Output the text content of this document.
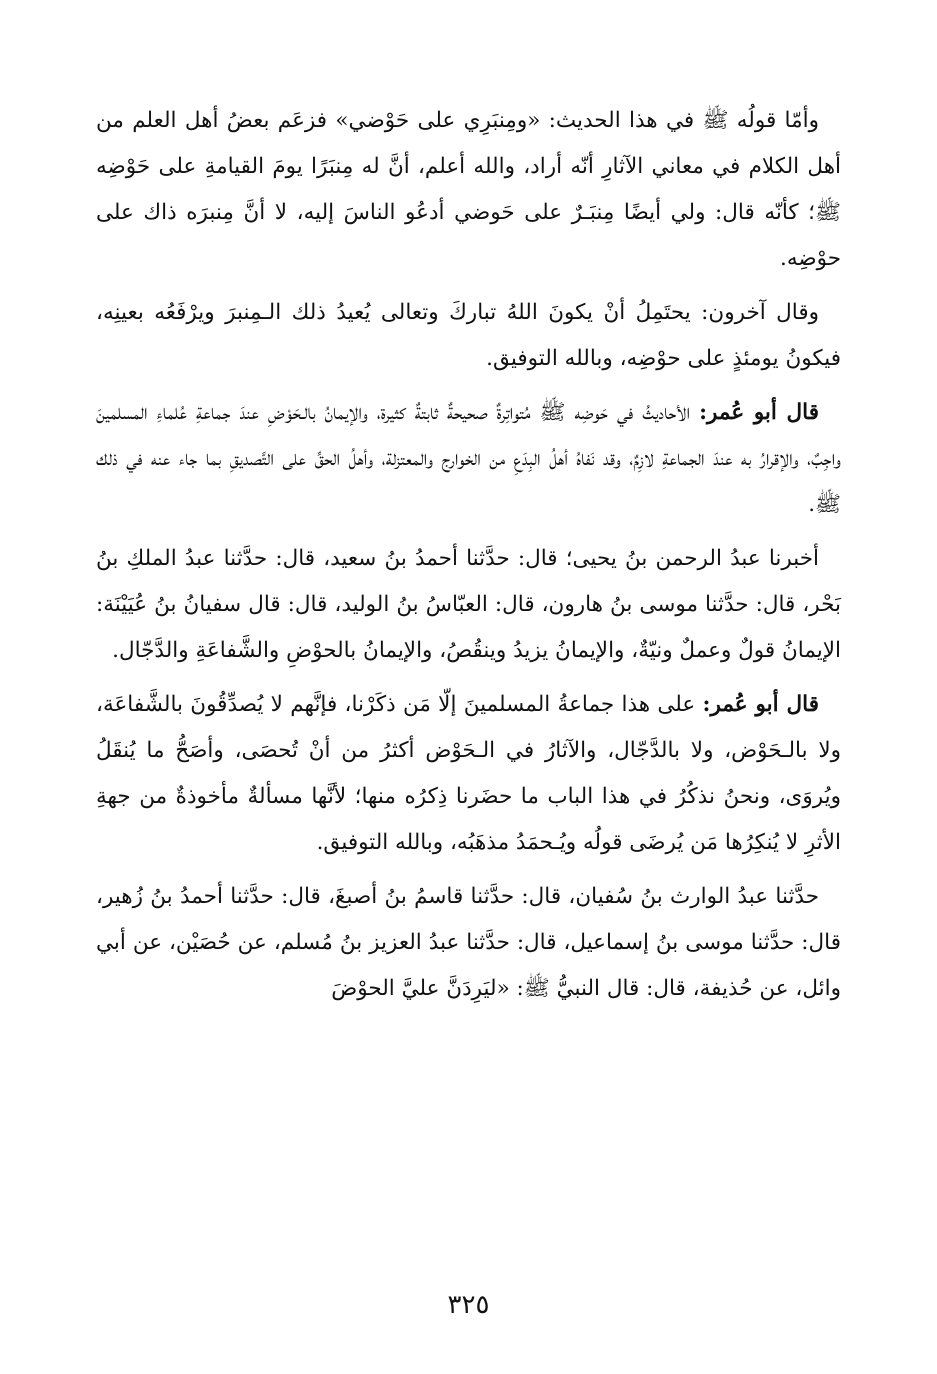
وأمّا قولُه ﷺ في هذا الحديث: «ومِنبَرِي على حَوْضي» فزعَم بعضُ أهل العلم من أهل الكلام في معاني الآثارِ أنّه أراد، والله أعلم، أنَّ له مِنبَرًا يومَ القيامةِ على حَوْضِه ﷺ؛ كأنّه قال: ولي أيضًا مِنبَـرٌ على حَوضي أدعُو الناسَ إليه، لا أنَّ مِنبرَه ذاك على حوْضِه.

وقال آخرون: يحتَمِلُ أنْ يكونَ اللهُ تباركَ وتعالى يُعيدُ ذلك الـمِنبرَ ويرْفَعُه بعينِه، فيكونُ يومئذٍ على حوْضِه، وبالله التوفيق.

قال أبو عُمر: الأحاديثُ في حَوضِه ﷺ مُتواتِرةٌ صحيحةٌ ثابتةٌ كثيرة، والإيمانُ بالـحَوْضِ عندَ جماعةِ عُلماءِ المسلمينَ واجِبٌ، والإقرارُ به عندَ الجماعةِ لازِمٌ، وقد نَفاهُ أهلُ البِدَعِ من الخوارج والمعتزلة، وأهلُ الحقِّ على التَّصديقِ بما جاء عنه في ذلك ﷺ.

أخبرنا عبدُ الرحمن بنُ يحيى؛ قال: حدَّثنا أحمدُ بنُ سعيد، قال: حدَّثنا عبدُ الملكِ بنُ بَحْر، قال: حدَّثنا موسى بنُ هارون، قال: العبّاسُ بنُ الوليد، قال: قال سفيانُ بنُ عُيَيْنَة: الإيمانُ قولٌ وعملٌ ونيّةٌ، والإيمانُ يزيدُ وينقُصُ، والإيمانُ بالحوْضِ والشَّفاعَةِ والدَّجّال.

قال أبو عُمر: على هذا جماعةُ المسلمينَ إلّا مَن ذكَرْنا، فإنَّهم لا يُصدِّقُونَ بالشَّفاعَة، ولا بالـحَوْض، ولا بالدَّجّال، والآثارُ في الـحَوْض أكثرُ من أنْ تُحصَى، وأصَحُّ ما يُنقَلُ ويُروَى، ونحنُ نذكُرُ في هذا الباب ما حضَرنا ذِكرُه منها؛ لأنَّها مسألةٌ مأخوذةٌ من جهةِ الأثرِ لا يُنكِرُها مَن يُرضَى قولُه ويُـحمَدُ مذهَبُه، وبالله التوفيق.

حدَّثنا عبدُ الوارث بنُ سُفيان، قال: حدَّثنا قاسمُ بنُ أصبغَ، قال: حدَّثنا أحمدُ بنُ زُهير، قال: حدَّثنا موسى بنُ إسماعيل، قال: حدَّثنا عبدُ العزيز بنُ مُسلم، عن حُصَيْن، عن أبي وائل، عن حُذيفة، قال: قال النبيُّ ﷺ: «ليَرِدَنَّ عليَّ الحوْضَ

٣٢٥
